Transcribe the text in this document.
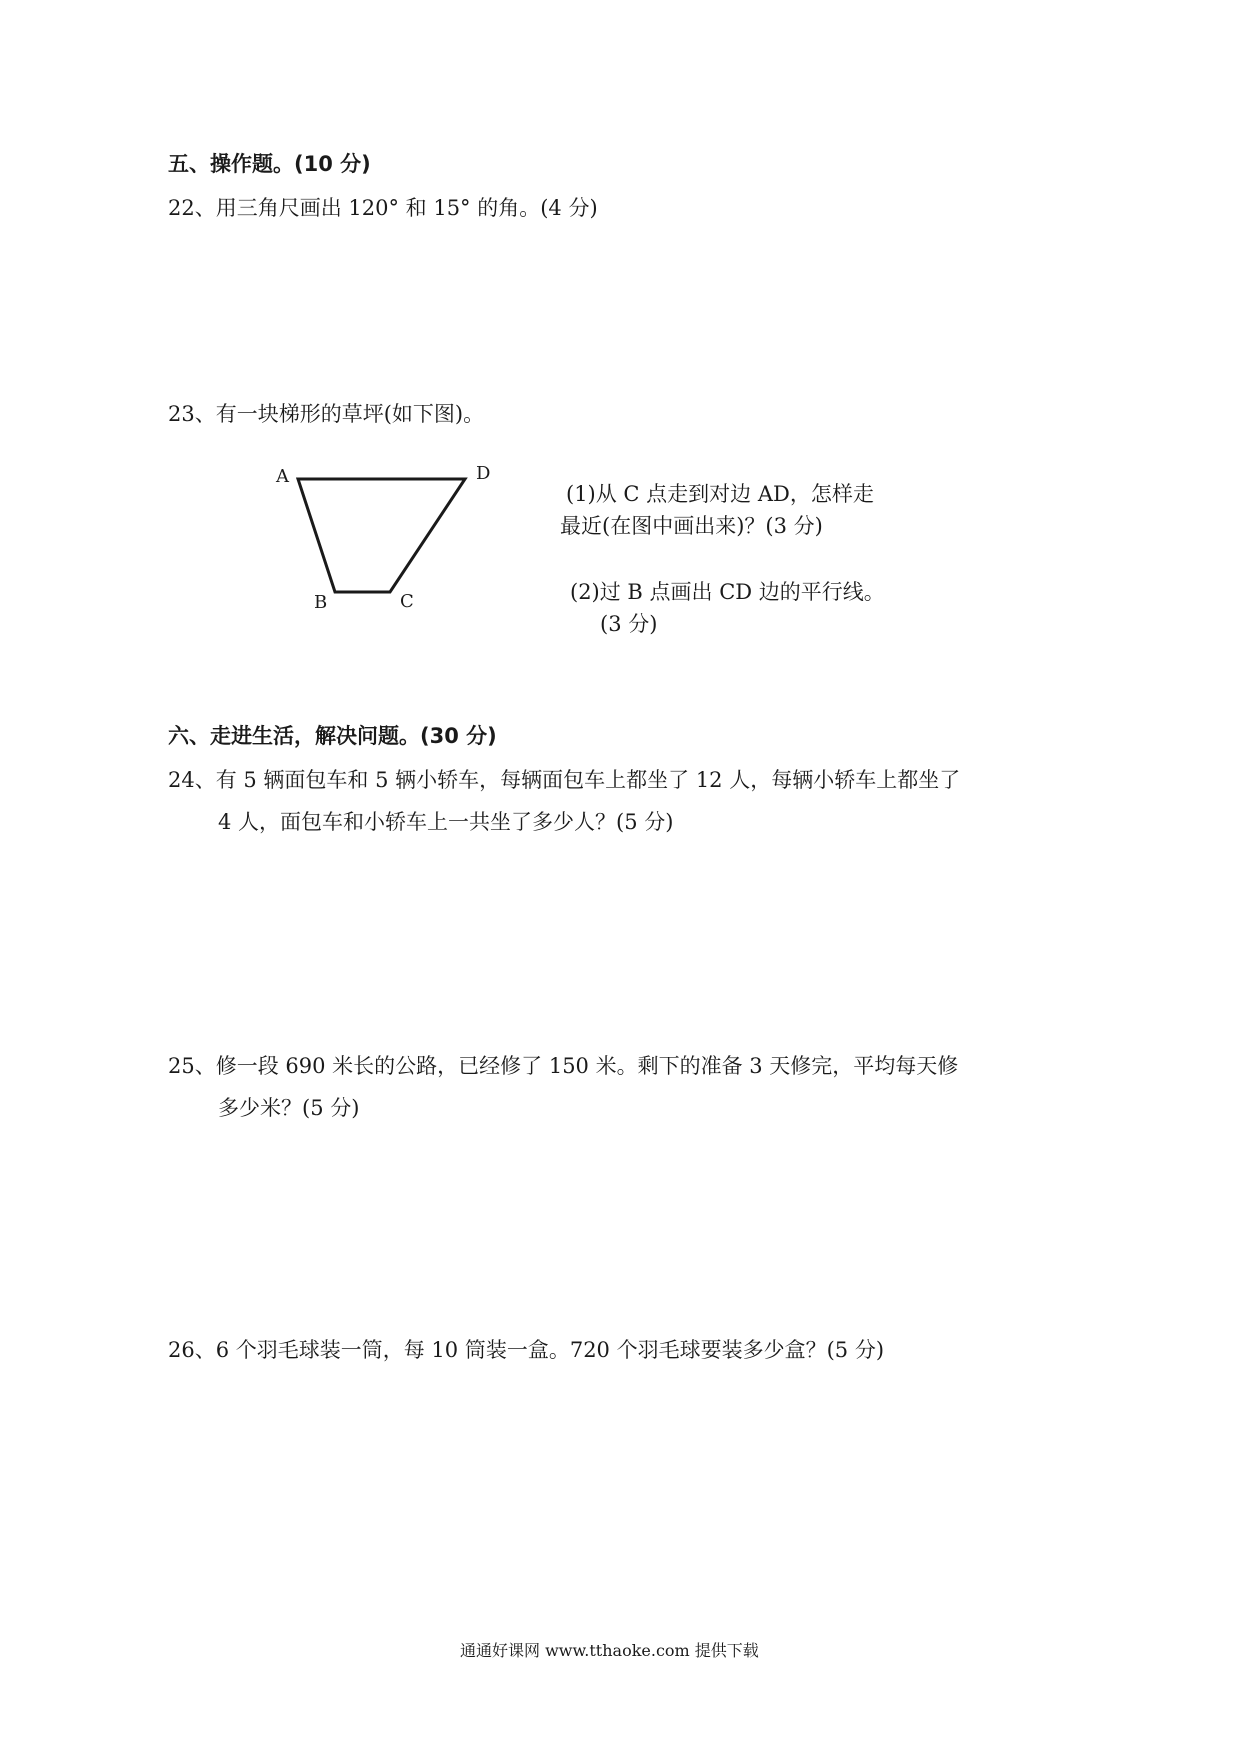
五、操作题。(10 分)
22、用三角尺画出 120° 和 15° 的角。(4 分)
23、有一块梯形的草坪(如下图)。
A	D
B	C
(1)从 C 点走到对边 AD，怎样走
最近(在图中画出来)？(3 分)
(2)过 B 点画出 CD 边的平行线。
(3 分)
六、走进生活，解决问题。(30 分)
24、有 5 辆面包车和 5 辆小轿车，每辆面包车上都坐了 12 人，每辆小轿车上都坐了
4 人，面包车和小轿车上一共坐了多少人？(5 分)
25、修一段 690 米长的公路，已经修了 150 米。剩下的准备 3 天修完，平均每天修
多少米？(5 分)
26、6 个羽毛球装一筒，每 10 筒装一盒。720 个羽毛球要装多少盒？(5 分)
通通好课网 www.tthaoke.com 提供下载
